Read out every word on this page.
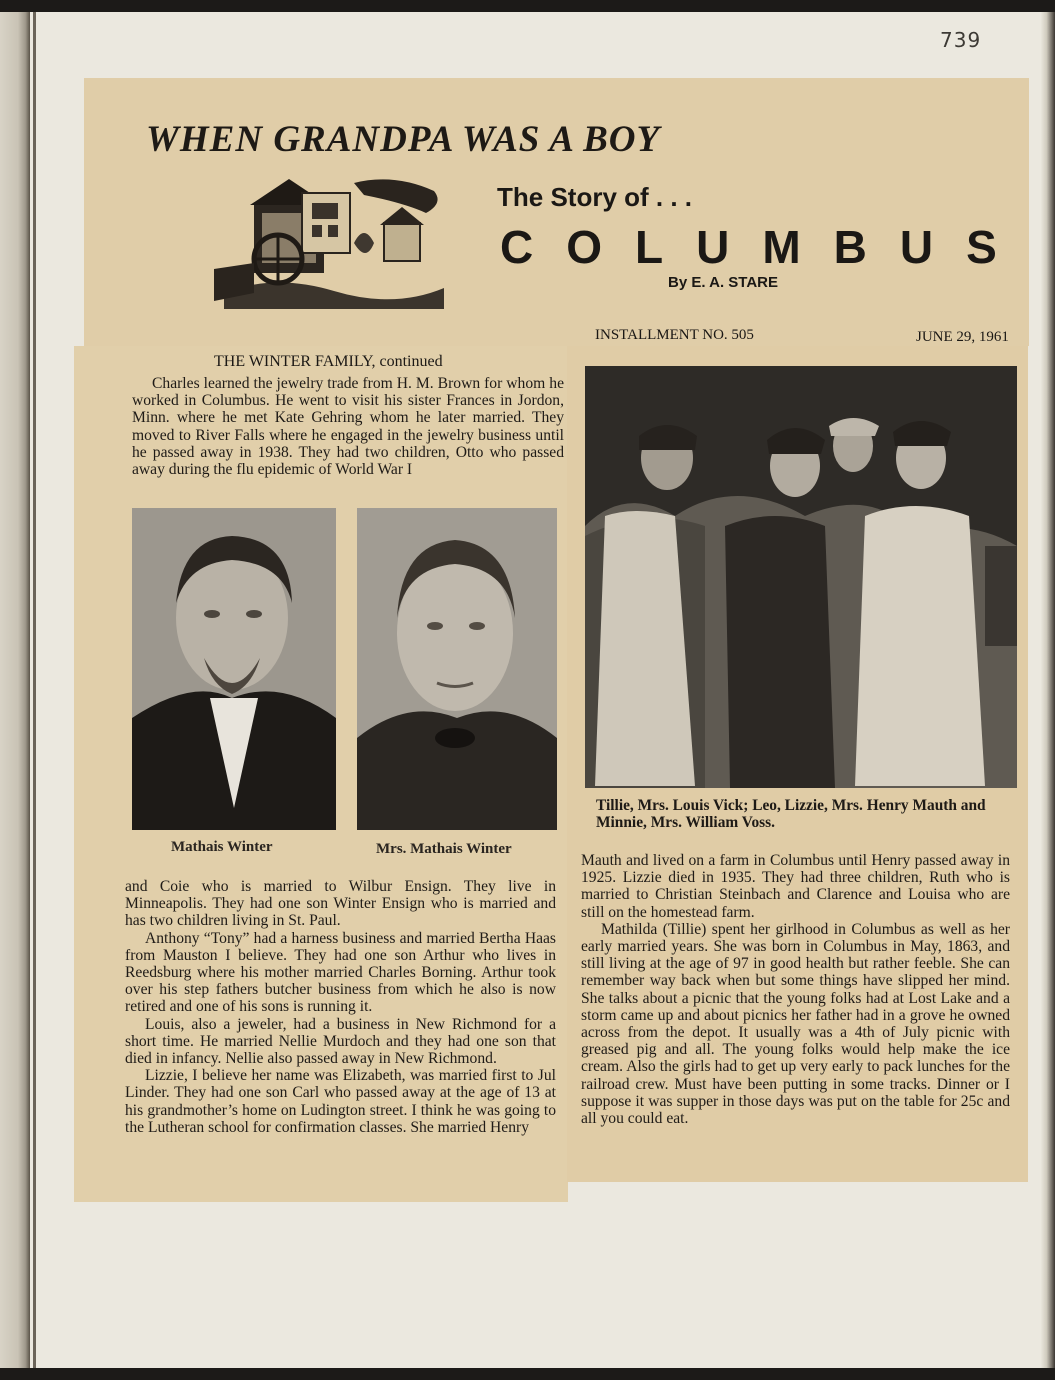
739
WHEN GRANDPA WAS A BOY
The Story of . . .
COLUMBUS
By E. A. STARE
INSTALLMENT NO. 505	JUNE 29, 1961
THE WINTER FAMILY, continued

Charles learned the jewelry trade from H. M. Brown for whom he worked in Columbus. He went to visit his sister Frances in Jordon, Minn. where he met Kate Gehring whom he later married. They moved to River Falls where he engaged in the jewelry business until he passed away in 1938. They had two children, Otto who passed away during the flu epidemic of World War I

Mathais Winter	Mrs. Mathais Winter

and Coie who is married to Wilbur Ensign. They live in Minneapolis. They had one son Winter Ensign who is married and has two children living in St. Paul.

Anthony “Tony” had a harness business and married Bertha Haas from Mauston I believe. They had one son Arthur who lives in Reedsburg where his mother married Charles Borning. Arthur took over his step fathers butcher business from which he also is now retired and one of his sons is running it.

Louis, also a jeweler, had a business in New Richmond for a short time. He married Nellie Murdoch and they had one son that died in infancy. Nellie also passed away in New Richmond.

Lizzie, I believe her name was Elizabeth, was married first to Jul Linder. They had one son Carl who passed away at the age of 13 at his grandmother’s home on Ludington street. I think he was going to the Lutheran school for confirmation classes. She married Henry

Tillie, Mrs. Louis Vick; Leo, Lizzie, Mrs. Henry Mauth and Minnie, Mrs. William Voss.

Mauth and lived on a farm in Columbus until Henry passed away in 1925. Lizzie died in 1935. They had three children, Ruth who is married to Christian Steinbach and Clarence and Louisa who are still on the homestead farm.

Mathilda (Tillie) spent her girlhood in Columbus as well as her early married years. She was born in Columbus in May, 1863, and still living at the age of 97 in good health but rather feeble. She can remember way back when but some things have slipped her mind. She talks about a picnic that the young folks had at Lost Lake and a storm came up and about picnics her father had in a grove he owned across from the depot. It usually was a 4th of July picnic with greased pig and all. The young folks would help make the ice cream. Also the girls had to get up very early to pack lunches for the railroad crew. Must have been putting in some tracks. Dinner or I suppose it was supper in those days was put on the table for 25c and all you could eat.
